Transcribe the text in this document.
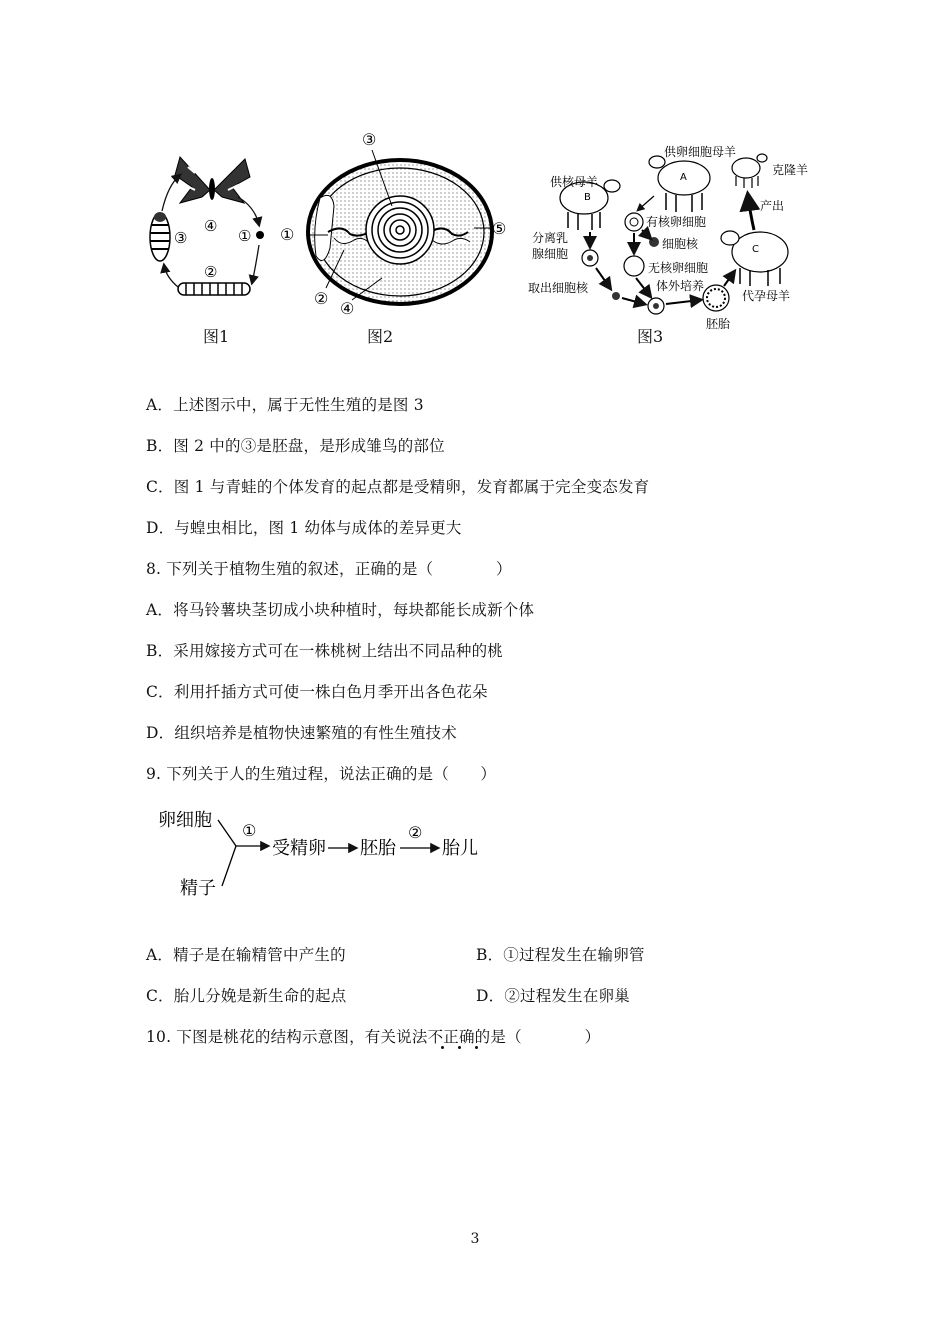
①
②
③
④
图1
①
②
③
④
⑤
图2
供卵细胞母羊
供核母羊
克隆羊
产出
A
B
C
有核卵细胞
细胞核
分离乳
腺细胞
无核卵细胞
体外培养
取出细胞核
胚胎
代孕母羊
图3
A．上述图示中，属于无性生殖的是图 3
B．图 2 中的③是胚盘，是形成雏鸟的部位
C．图 1 与青蛙的个体发育的起点都是受精卵，发育都属于完全变态发育
D．与蝗虫相比，图 1 幼体与成体的差异更大
8. 下列关于植物生殖的叙述，正确的是（　　　　）
A．将马铃薯块茎切成小块种植时，每块都能长成新个体
B．采用嫁接方式可在一株桃树上结出不同品种的桃
C．利用扦插方式可使一株白色月季开出各色花朵
D．组织培养是植物快速繁殖的有性生殖技术
9. 下列关于人的生殖过程，说法正确的是（　　）
卵细胞
精子
①
受精卵 胚胎
②
胎儿
A．精子是在输精管中产生的	B．①过程发生在输卵管
C．胎儿分娩是新生命的起点	D．②过程发生在卵巢
10. 下图是桃花的结构示意图，有关说法不正确的是（　　　　）
3
